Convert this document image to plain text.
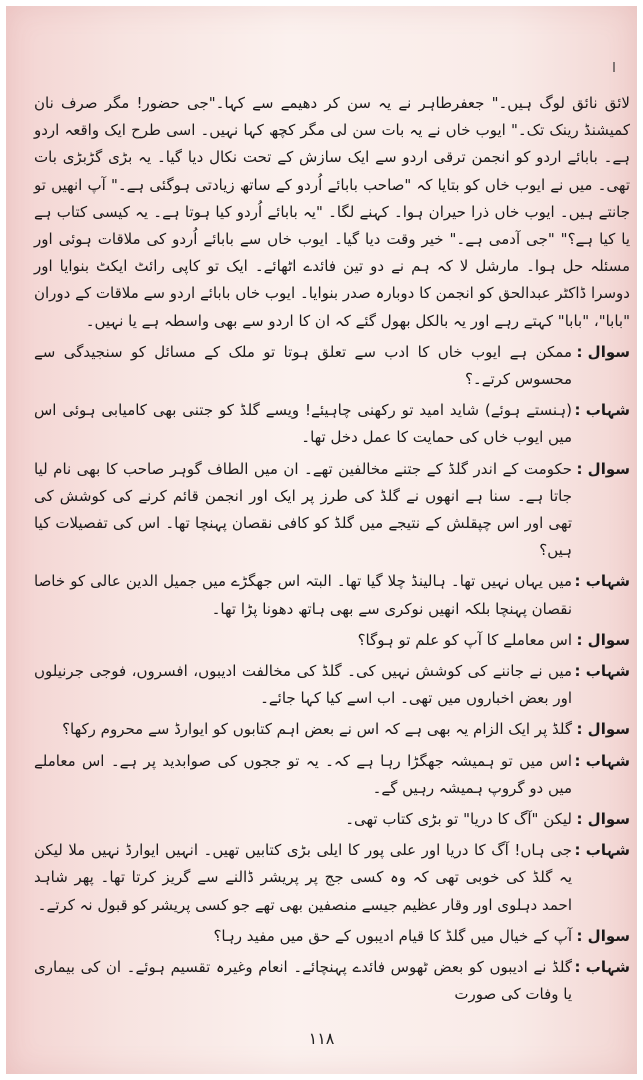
لائق نائق لوگ ہیں۔" جعفرطاہر نے یہ سن کر دھیمے سے کہا۔"جی حضور! مگر صرف نان کمیشنڈ رینک تک۔" ایوب خاں نے یہ بات سن لی مگر کچھ کہا نہیں۔ اسی طرح ایک واقعہ اردو ہے۔ بابائے اردو کو انجمن ترقی اردو سے ایک سازش کے تحت نکال دیا گیا۔ یہ بڑی گڑبڑی بات تھی۔ میں نے ایوب خاں کو بتایا کہ "صاحب بابائے اُردو کے ساتھ زیادتی ہوگئی ہے۔" آپ انھیں تو جانتے ہیں۔ ایوب خاں ذرا حیران ہوا۔ کہنے لگا۔ "یہ بابائے اُردو کیا ہوتا ہے۔ یہ کیسی کتاب ہے یا کیا ہے؟" "جی آدمی ہے۔" خیر وقت دیا گیا۔ ایوب خاں سے بابائے اُردو کی ملاقات ہوئی اور مسئلہ حل ہوا۔ مارشل لا کہ ہم نے دو تین فائدے اٹھائے۔ ایک تو کاپی رائٹ ایکٹ بنوایا اور دوسرا ڈاکٹر عبدالحق کو انجمن کا دوبارہ صدر بنوایا۔ ایوب خاں بابائے اردو سے ملاقات کے دوران "بابا"، "بابا" کہتے رہے اور یہ بالکل بھول گئے کہ ان کا اردو سے بھی واسطہ ہے یا نہیں۔

سوال :
ممکن ہے ایوب خاں کا ادب سے تعلق ہوتا تو ملک کے مسائل کو سنجیدگی سے محسوس کرتے۔؟
شہاب :
(ہنستے ہوئے) شاید امید تو رکھنی چاہیئے! ویسے گلڈ کو جتنی بھی کامیابی ہوئی اس میں ایوب خاں کی حمایت کا عمل دخل تھا۔
سوال :
حکومت کے اندر گلڈ کے جتنے مخالفین تھے۔ ان میں الطاف گوہر صاحب کا بھی نام لیا جاتا ہے۔ سنا ہے انھوں نے گلڈ کی طرز پر ایک اور انجمن قائم کرنے کی کوشش کی تھی اور اس چپقلش کے نتیجے میں گلڈ کو کافی نقصان پہنچا تھا۔ اس کی تفصیلات کیا ہیں؟
شہاب :
میں یہاں نہیں تھا۔ ہالینڈ چلا گیا تھا۔ البتہ اس جھگڑے میں جمیل الدین عالی کو خاصا نقصان پہنچا بلکہ انھیں نوکری سے بھی ہاتھ دھونا پڑا تھا۔
سوال :
اس معاملے کا آپ کو علم تو ہوگا؟
شہاب :
میں نے جاننے کی کوشش نہیں کی۔ گلڈ کی مخالفت ادیبوں، افسروں، فوجی جرنیلوں اور بعض اخباروں میں تھی۔ اب اسے کیا کہا جائے۔
سوال :
گلڈ پر ایک الزام یہ بھی ہے کہ اس نے بعض اہم کتابوں کو ایوارڈ سے محروم رکھا؟
شہاب :
اس میں تو ہمیشہ جھگڑا رہا ہے کہ۔ یہ تو ججوں کی صوابدید پر ہے۔ اس معاملے میں دو گروپ ہمیشہ رہیں گے۔
سوال :
لیکن "آگ کا دریا" تو بڑی کتاب تھی۔
شہاب :
جی ہاں! آگ کا دریا اور علی پور کا ایلی بڑی کتابیں تھیں۔ انہیں ایوارڈ نہیں ملا لیکن یہ گلڈ کی خوبی تھی کہ وہ کسی جج پر پریشر ڈالنے سے گریز کرتا تھا۔ پھر شاہد احمد دہلوی اور وقار عظیم جیسے منصفین بھی تھے جو کسی پریشر کو قبول نہ کرتے۔
سوال :
آپ کے خیال میں گلڈ کا قیام ادیبوں کے حق میں مفید رہا؟
شہاب :
گلڈ نے ادیبوں کو بعض ٹھوس فائدے پہنچائے۔ انعام وغیرہ تقسیم ہوئے۔ ان کی بیماری یا وفات کی صورت
۱۱۸
